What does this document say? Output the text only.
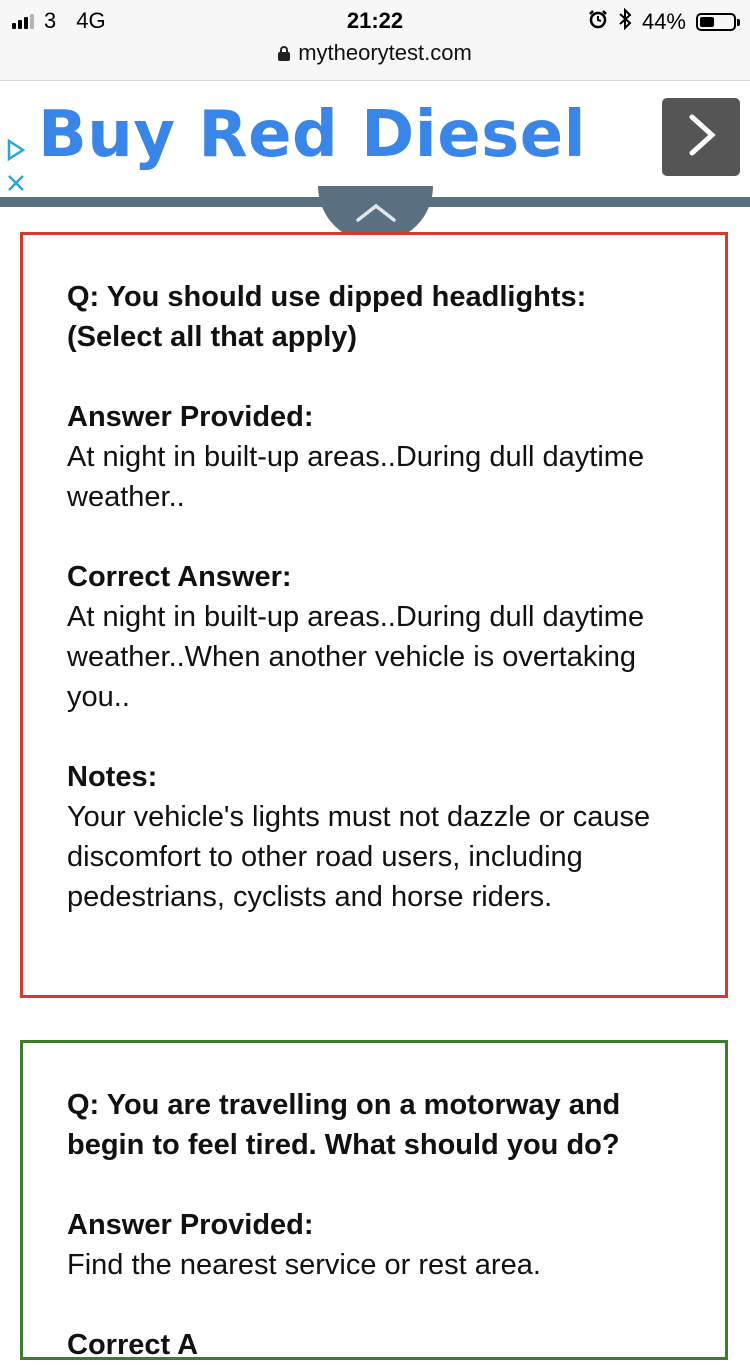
3 4G	21:22	44%
mytheorytest.com

Buy Red Diesel

Q: You should use dipped headlights: (Select all that apply)

Answer Provided:

At night in built-up areas..During dull daytime weather..

Correct Answer:

At night in built-up areas..During dull daytime weather..When another vehicle is overtaking you..

Notes:

Your vehicle's lights must not dazzle or cause discomfort to other road users, including pedestrians, cyclists and horse riders.

Q: You are travelling on a motorway and begin to feel tired. What should you do?

Answer Provided:

Find the nearest service or rest area.

Correct A
